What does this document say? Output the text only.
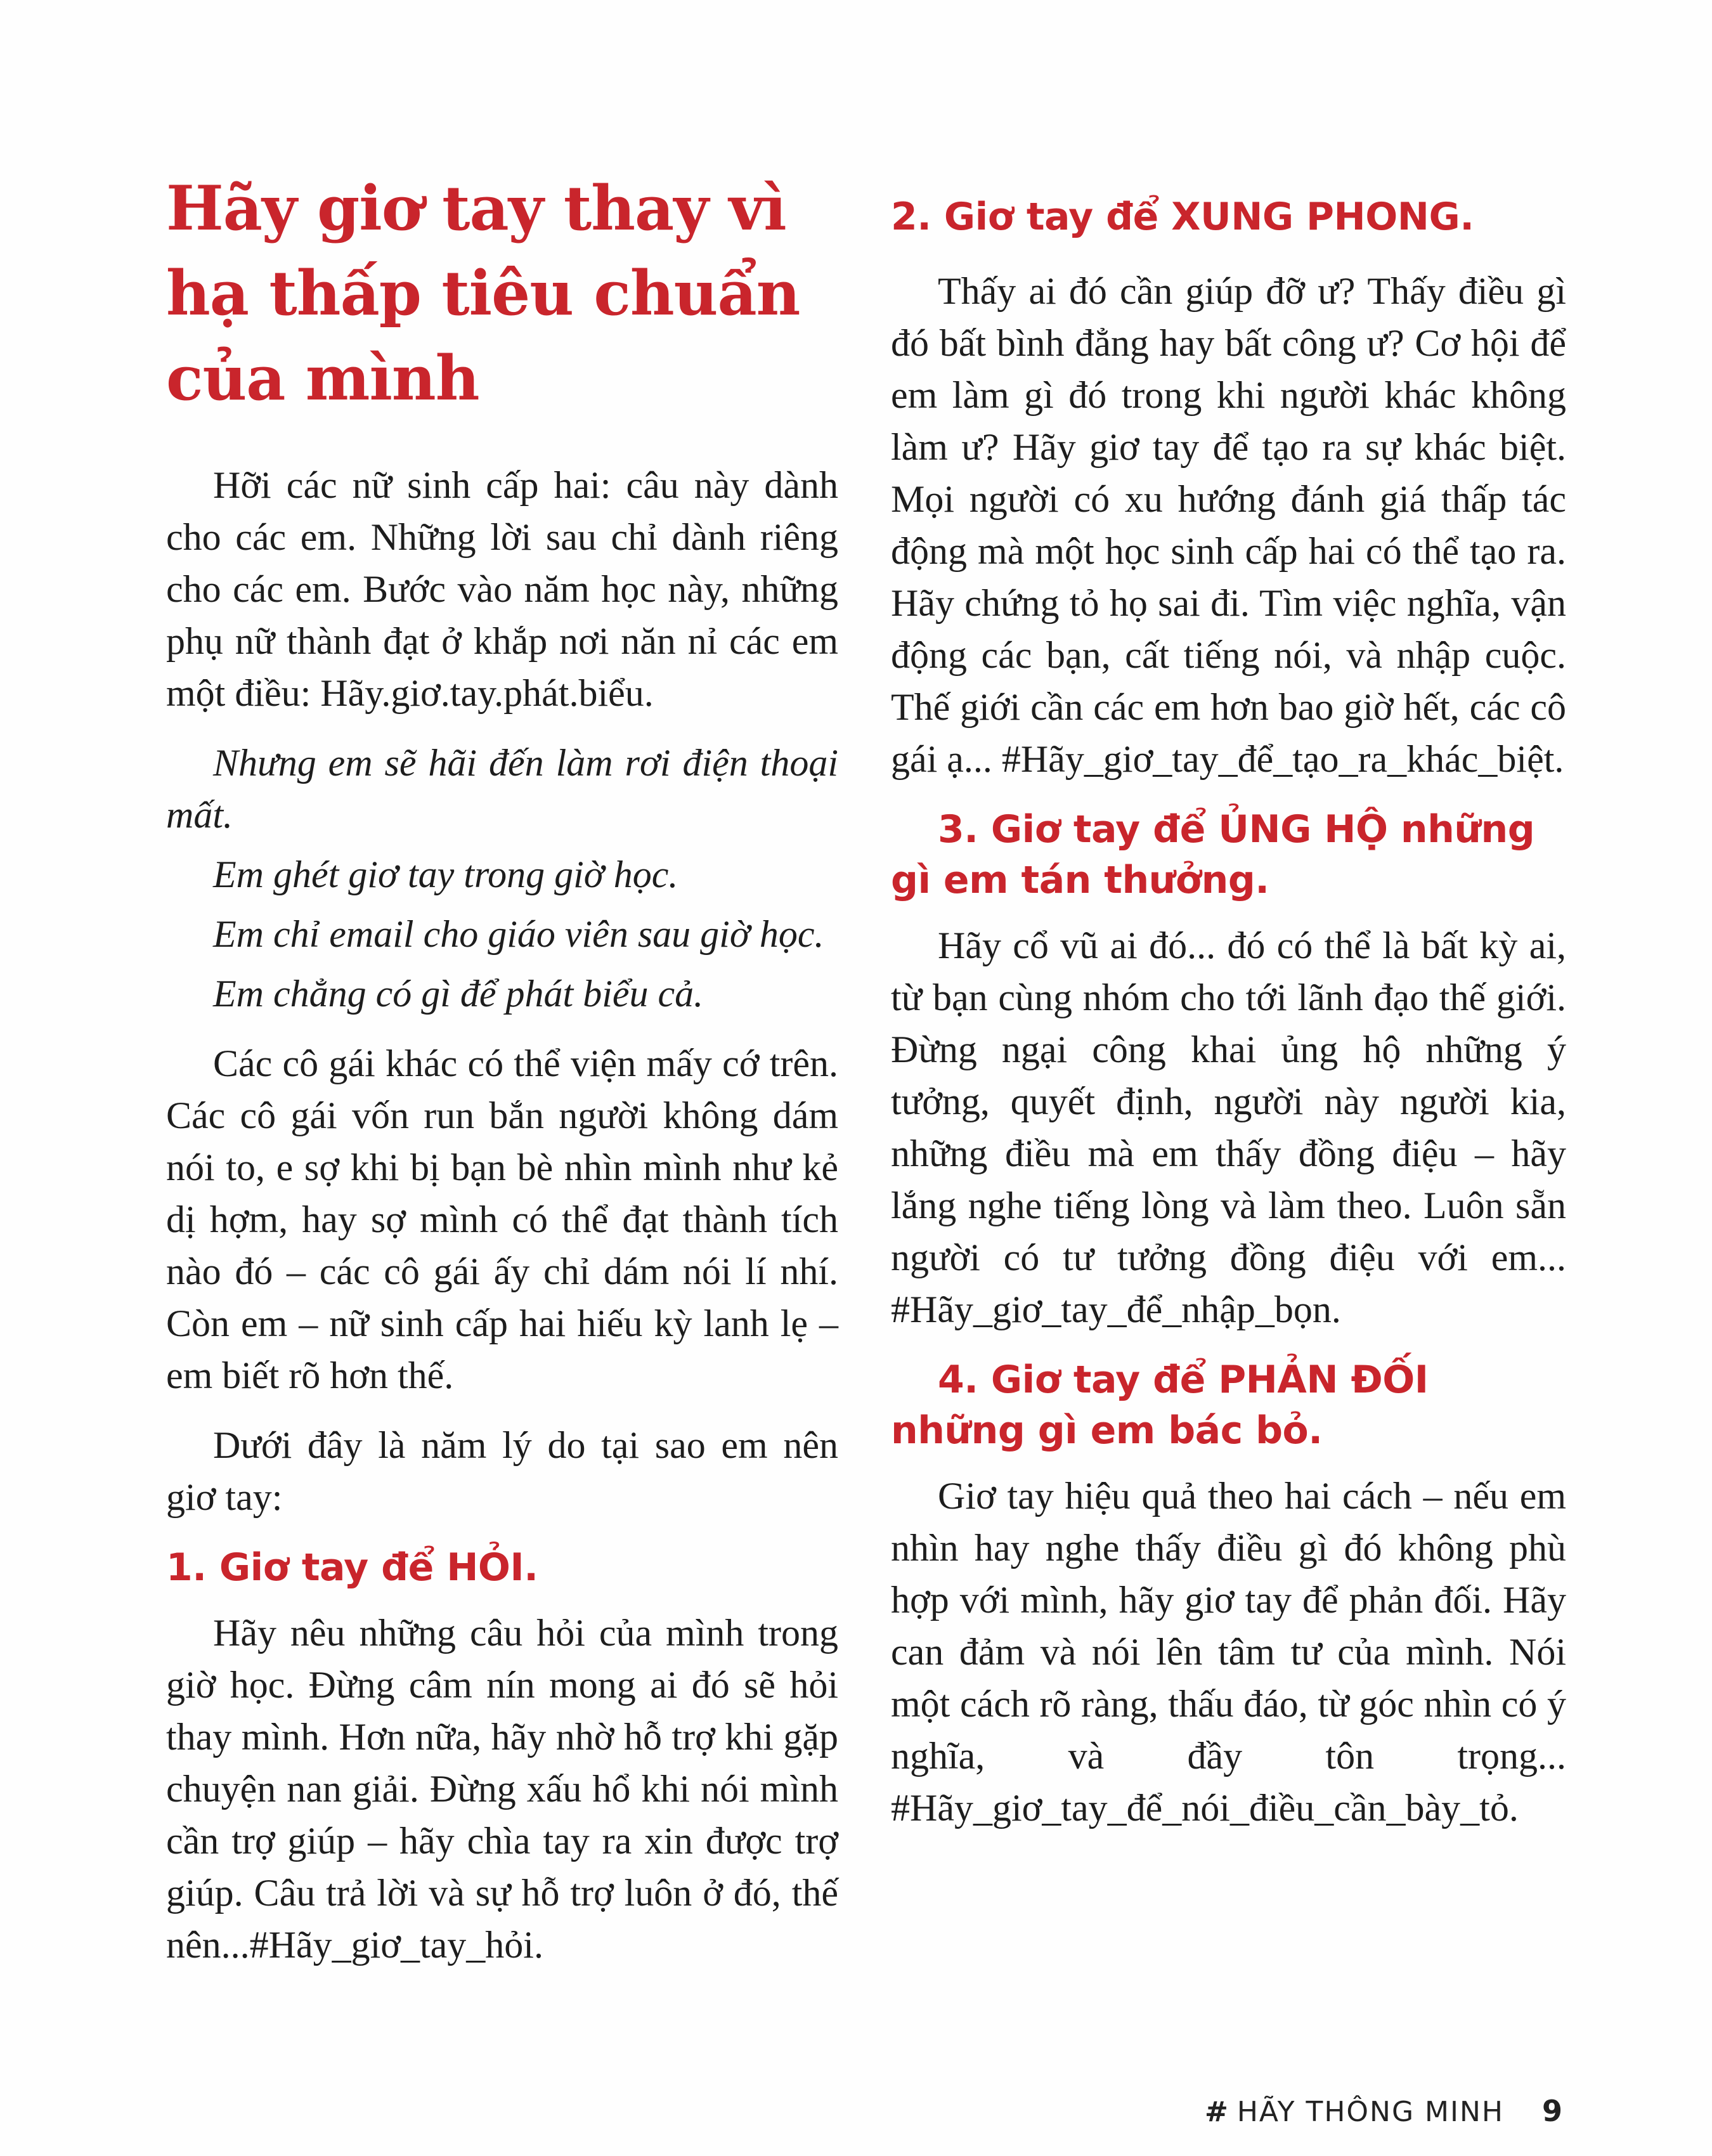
Hãy giơ tay thay vì hạ thấp tiêu chuẩn của mình

Hỡi các nữ sinh cấp hai: câu này dành cho các em. Những lời sau chỉ dành riêng cho các em. Bước vào năm học này, những phụ nữ thành đạt ở khắp nơi năn nỉ các em một điều: Hãy.giơ.tay.phát.biểu.

Nhưng em sẽ hãi đến làm rơi điện thoại mất.

Em ghét giơ tay trong giờ học.

Em chỉ email cho giáo viên sau giờ học.

Em chẳng có gì để phát biểu cả.

Các cô gái khác có thể viện mấy cớ trên. Các cô gái vốn run bắn người không dám nói to, e sợ khi bị bạn bè nhìn mình như kẻ dị hợm, hay sợ mình có thể đạt thành tích nào đó – các cô gái ấy chỉ dám nói lí nhí. Còn em – nữ sinh cấp hai hiếu kỳ lanh lẹ – em biết rõ hơn thế.

Dưới đây là năm lý do tại sao em nên giơ tay:

1. Giơ tay để HỎI.

Hãy nêu những câu hỏi của mình trong giờ học. Đừng câm nín mong ai đó sẽ hỏi thay mình. Hơn nữa, hãy nhờ hỗ trợ khi gặp chuyện nan giải. Đừng xấu hổ khi nói mình cần trợ giúp – hãy chìa tay ra xin được trợ giúp. Câu trả lời và sự hỗ trợ luôn ở đó, thế nên...#Hãy_giơ_tay_hỏi.

2. Giơ tay để XUNG PHONG.

Thấy ai đó cần giúp đỡ ư? Thấy điều gì đó bất bình đẳng hay bất công ư? Cơ hội để em làm gì đó trong khi người khác không làm ư? Hãy giơ tay để tạo ra sự khác biệt. Mọi người có xu hướng đánh giá thấp tác động mà một học sinh cấp hai có thể tạo ra. Hãy chứng tỏ họ sai đi. Tìm việc nghĩa, vận động các bạn, cất tiếng nói, và nhập cuộc. Thế giới cần các em hơn bao giờ hết, các cô gái ạ... #Hãy_giơ_tay_để_tạo_ra_khác_biệt.

3. Giơ tay để ỦNG HỘ những gì em tán thưởng.

Hãy cổ vũ ai đó... đó có thể là bất kỳ ai, từ bạn cùng nhóm cho tới lãnh đạo thế giới. Đừng ngại công khai ủng hộ những ý tưởng, quyết định, người này người kia, những điều mà em thấy đồng điệu – hãy lắng nghe tiếng lòng và làm theo. Luôn sẵn người có tư tưởng đồng điệu với em... #Hãy_giơ_tay_để_nhập_bọn.

4. Giơ tay để PHẢN ĐỐI những gì em bác bỏ.

Giơ tay hiệu quả theo hai cách – nếu em nhìn hay nghe thấy điều gì đó không phù hợp với mình, hãy giơ tay để phản đối. Hãy can đảm và nói lên tâm tư của mình. Nói một cách rõ ràng, thấu đáo, từ góc nhìn có ý nghĩa, và đầy tôn trọng... #Hãy_giơ_tay_để_nói_điều_cần_bày_tỏ.

# HÃY THÔNG MINH 9
